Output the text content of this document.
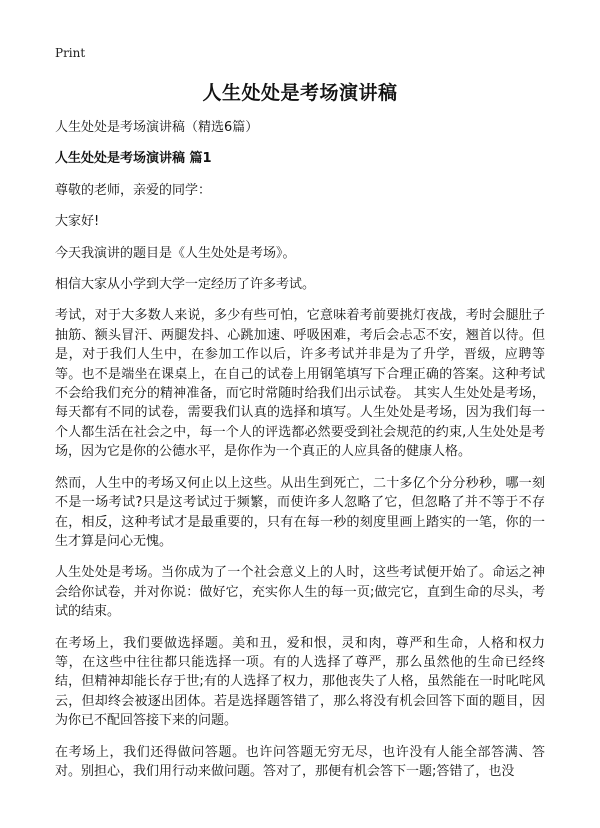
Print
人生处处是考场演讲稿

人生处处是考场演讲稿（精选6篇）

人生处处是考场演讲稿 篇1

尊敬的老师，亲爱的同学：

大家好!

今天我演讲的题目是《人生处处是考场》。

相信大家从小学到大学一定经历了许多考试。

考试，对于大多数人来说，多少有些可怕，它意味着考前要挑灯夜战，考时会腿肚子抽筋、额头冒汗、两腿发抖、心跳加速、呼吸困难，考后会忐忑不安，翘首以待。但是，对于我们人生中，在参加工作以后，许多考试并非是为了升学，晋级，应聘等等。也不是端坐在课桌上，在自己的试卷上用钢笔填写下合理正确的答案。这种考试不会给我们充分的精神准备，而它时常随时给我们出示试卷。 其实人生处处是考场，每天都有不同的试卷，需要我们认真的选择和填写。人生处处是考场，因为我们每一个人都生活在社会之中，每一个人的评选都必然要受到社会规范的约束,人生处处是考场，因为它是你的公德水平，是你作为一个真正的人应具备的健康人格。

然而，人生中的考场又何止以上这些。从出生到死亡，二十多亿个分分秒秒，哪一刻不是一场考试?只是这考试过于频繁，而使许多人忽略了它，但忽略了并不等于不存在，相反，这种考试才是最重要的，只有在每一秒的刻度里画上踏实的一笔，你的一生才算是问心无愧。

人生处处是考场。当你成为了一个社会意义上的人时，这些考试便开始了。命运之神会给你试卷，并对你说：做好它，充实你人生的每一页;做完它，直到生命的尽头，考试的结束。

在考场上，我们要做选择题。美和丑，爱和恨，灵和肉，尊严和生命，人格和权力等，在这些中往往都只能选择一项。有的人选择了尊严，那么虽然他的生命已经终结，但精神却能长存于世;有的人选择了权力，那他丧失了人格，虽然能在一时叱咤风云，但却终会被逐出团体。若是选择题答错了，那么将没有机会回答下面的题目，因为你已不配回答接下来的问题。

在考场上，我们还得做问答题。也许问答题无穷无尽，也许没有人能全部答满、答对。别担心，我们用行动来做问题。答对了，那便有机会答下一题;答错了，也没
